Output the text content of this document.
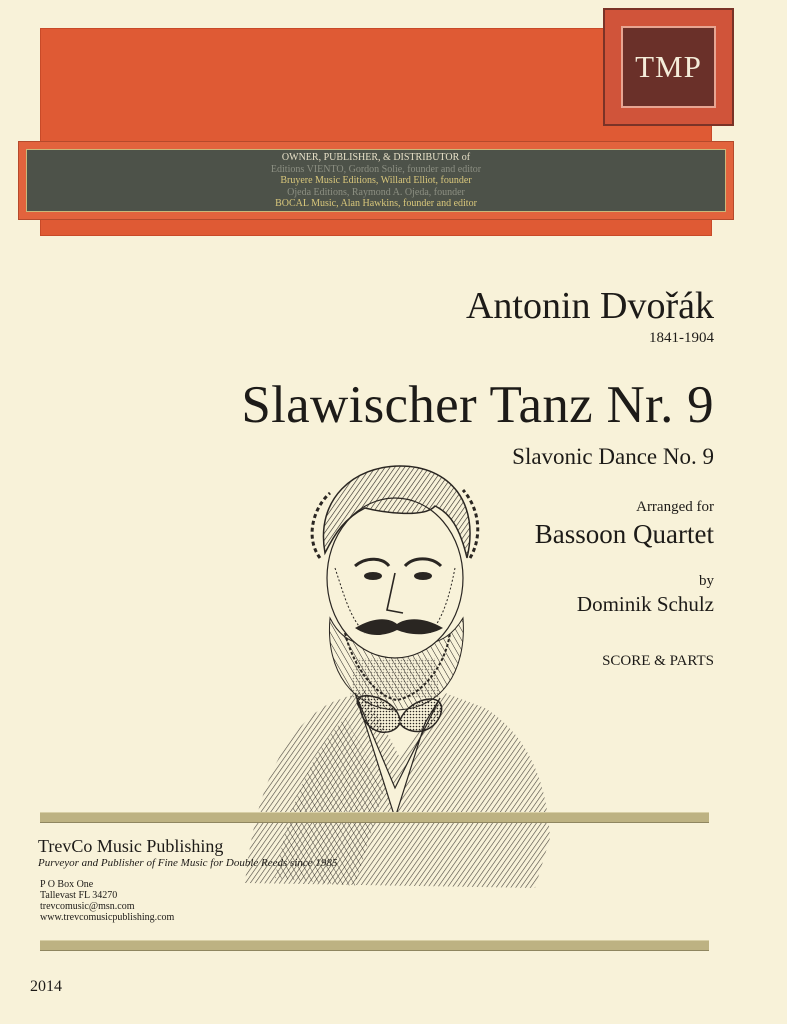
TMP
OWNER, PUBLISHER, & DISTRIBUTOR of
Editions VIENTO, Gordon Solie, founder and editor
Bruyere Music Editions, Willard Elliot, founder
Ojeda Editions, Raymond A. Ojeda, founder
BOCAL Music, Alan Hawkins, founder and editor
Antonin Dvořák
1841-1904
Slawischer Tanz Nr. 9
Slavonic Dance No. 9
Arranged for
Bassoon Quartet
by
Dominik Schulz
SCORE & PARTS
TrevCo Music Publishing
Purveyor and Publisher of Fine Music for Double Reeds since 1985
P O Box One
Tallevast FL 34270
trevcomusic@msn.com
www.trevcomusicpublishing.com
2014
